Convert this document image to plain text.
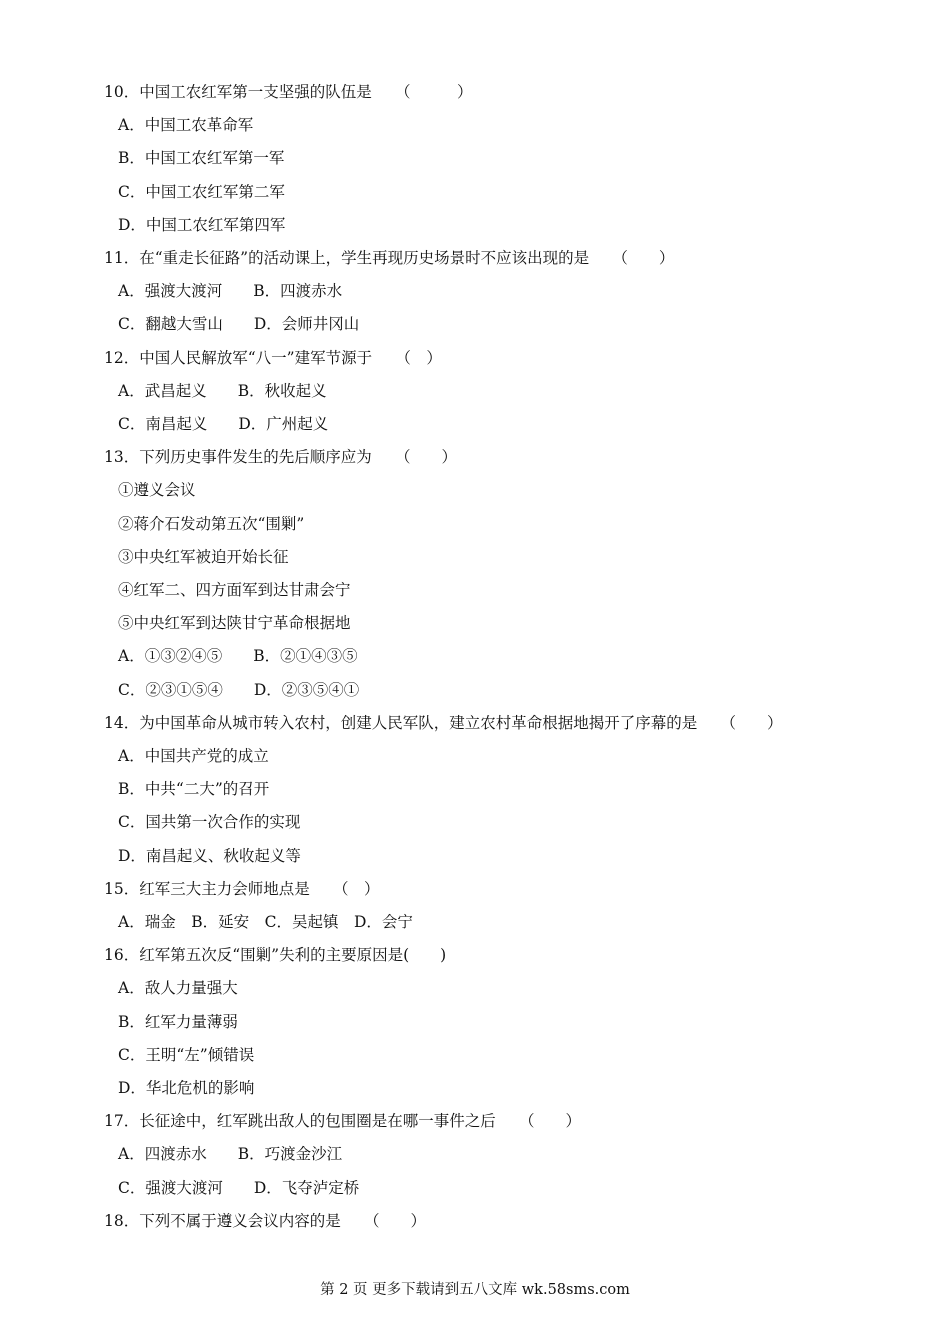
10．中国工农红军第一支坚强的队伍是　　（　　　）
A．中国工农革命军
B．中国工农红军第一军
C．中国工农红军第二军
D．中国工农红军第四军
11．在“重走长征路”的活动课上，学生再现历史场景时不应该出现的是　　（　　）
A．强渡大渡河　　B．四渡赤水
C．翻越大雪山　　D．会师井冈山
12．中国人民解放军“八一”建军节源于　　（　）
A．武昌起义　　B．秋收起义
C．南昌起义　　D．广州起义
13．下列历史事件发生的先后顺序应为　　（　　）
①遵义会议
②蒋介石发动第五次“围剿”
③中央红军被迫开始长征
④红军二、四方面军到达甘肃会宁
⑤中央红军到达陕甘宁革命根据地
A．①③②④⑤　　B．②①④③⑤
C．②③①⑤④　　D．②③⑤④①
14．为中国革命从城市转入农村，创建人民军队，建立农村革命根据地揭开了序幕的是　　（　　）
A．中国共产党的成立
B．中共“二大”的召开
C．国共第一次合作的实现
D．南昌起义、秋收起义等
15．红军三大主力会师地点是　　（　）
A．瑞金　B．延安　C．吴起镇　D．会宁
16．红军第五次反“围剿”失利的主要原因是(　　)
A．敌人力量强大
B．红军力量薄弱
C．王明“左”倾错误
D．华北危机的影响
17．长征途中，红军跳出敌人的包围圈是在哪一事件之后　　（　　）
A．四渡赤水　　B．巧渡金沙江
C．强渡大渡河　　D．飞夺泸定桥
18．下列不属于遵义会议内容的是　　（　　）
第 2 页 更多下载请到五八文库 wk.58sms.com
